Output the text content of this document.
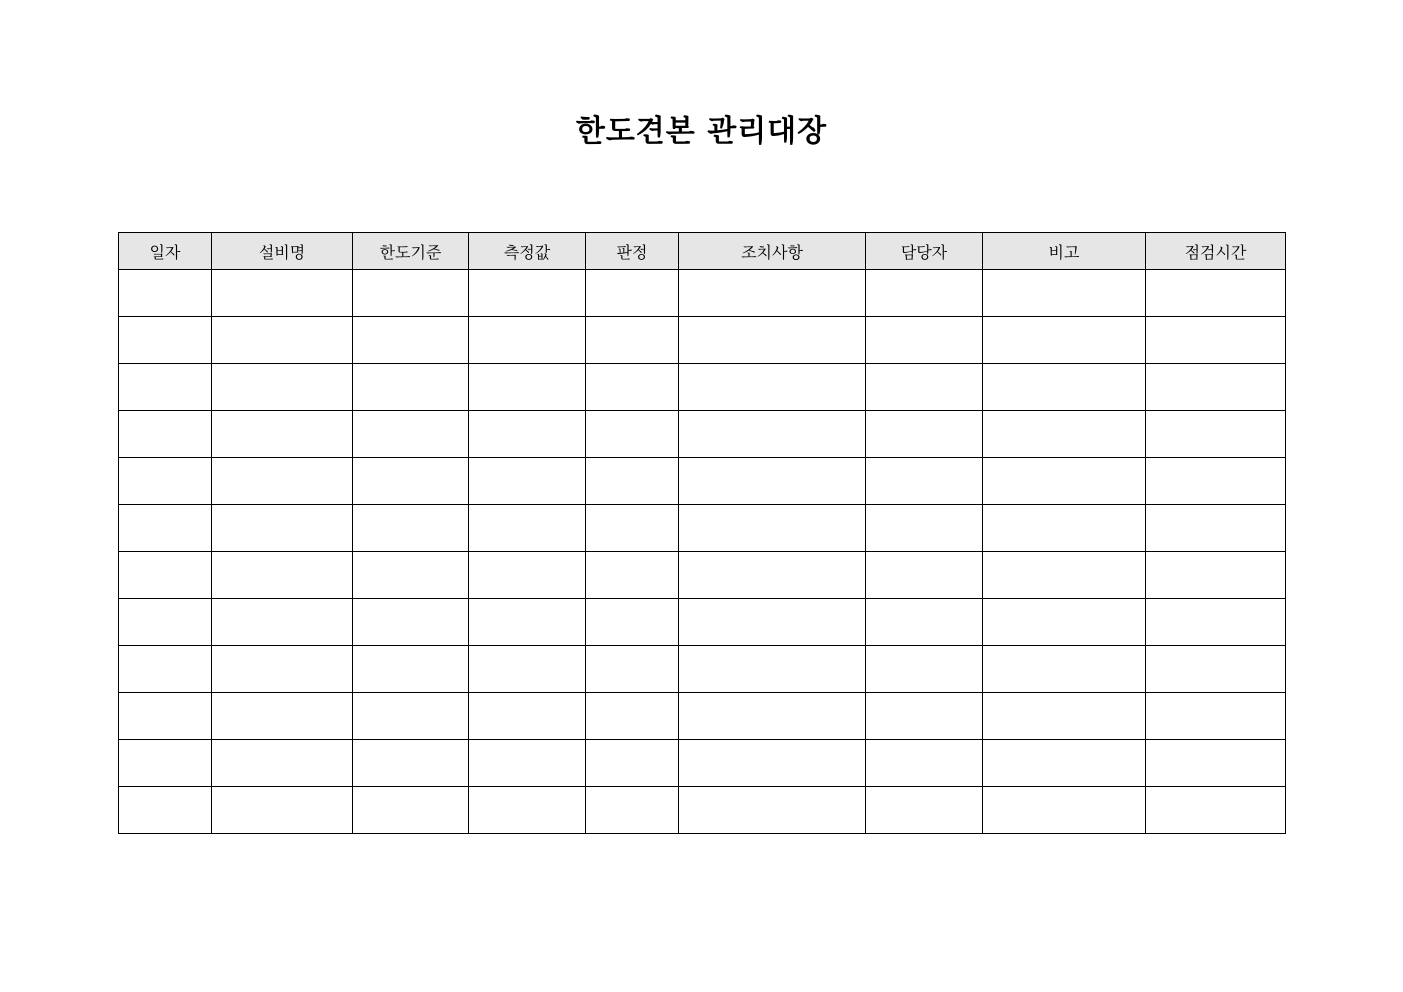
한도견본 관리대장
일자	설비명	한도기준	측정값	판정	조치사항	담당자	비고	점검시간
